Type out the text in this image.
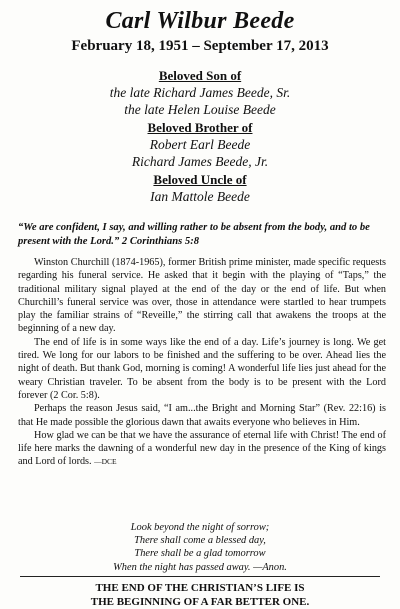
Carl Wilbur Beede
February 18, 1951 – September 17, 2013
Beloved Son of
the late Richard James Beede, Sr.
the late Helen Louise Beede
Beloved Brother of
Robert Earl Beede
Richard James Beede, Jr.
Beloved Uncle of
Ian Mattole Beede
“We are confident, I say, and willing rather to be absent from the body, and to be present with the Lord.” 2 Corinthians 5:8

Winston Churchill (1874-1965), former British prime minister, made specific requests regarding his funeral service. He asked that it begin with the playing of “Taps,” the traditional military signal played at the end of the day or the end of life. But when Churchill’s funeral service was over, those in attendance were startled to hear trumpets play the familiar strains of “Reveille,” the stirring call that awakens the troops at the beginning of a new day.

The end of life is in some ways like the end of a day. Life’s journey is long. We get tired. We long for our labors to be finished and the suffering to be over. Ahead lies the night of death. But thank God, morning is coming! A wonderful life lies just ahead for the weary Christian traveler. To be absent from the body is to be present with the Lord forever (2 Cor. 5:8).

Perhaps the reason Jesus said, “I am...the Bright and Morning Star” (Rev. 22:16) is that He made possible the glorious dawn that awaits everyone who believes in Him.

How glad we can be that we have the assurance of eternal life with Christ! The end of life here marks the dawning of a wonderful new day in the presence of the King of kings and Lord of lords. —DCE

Look beyond the night of sorrow;
There shall come a blessed day,
There shall be a glad tomorrow
When the night has passed away. —Anon.
THE END OF THE CHRISTIAN’S LIFE IS
THE BEGINNING OF A FAR BETTER ONE.
